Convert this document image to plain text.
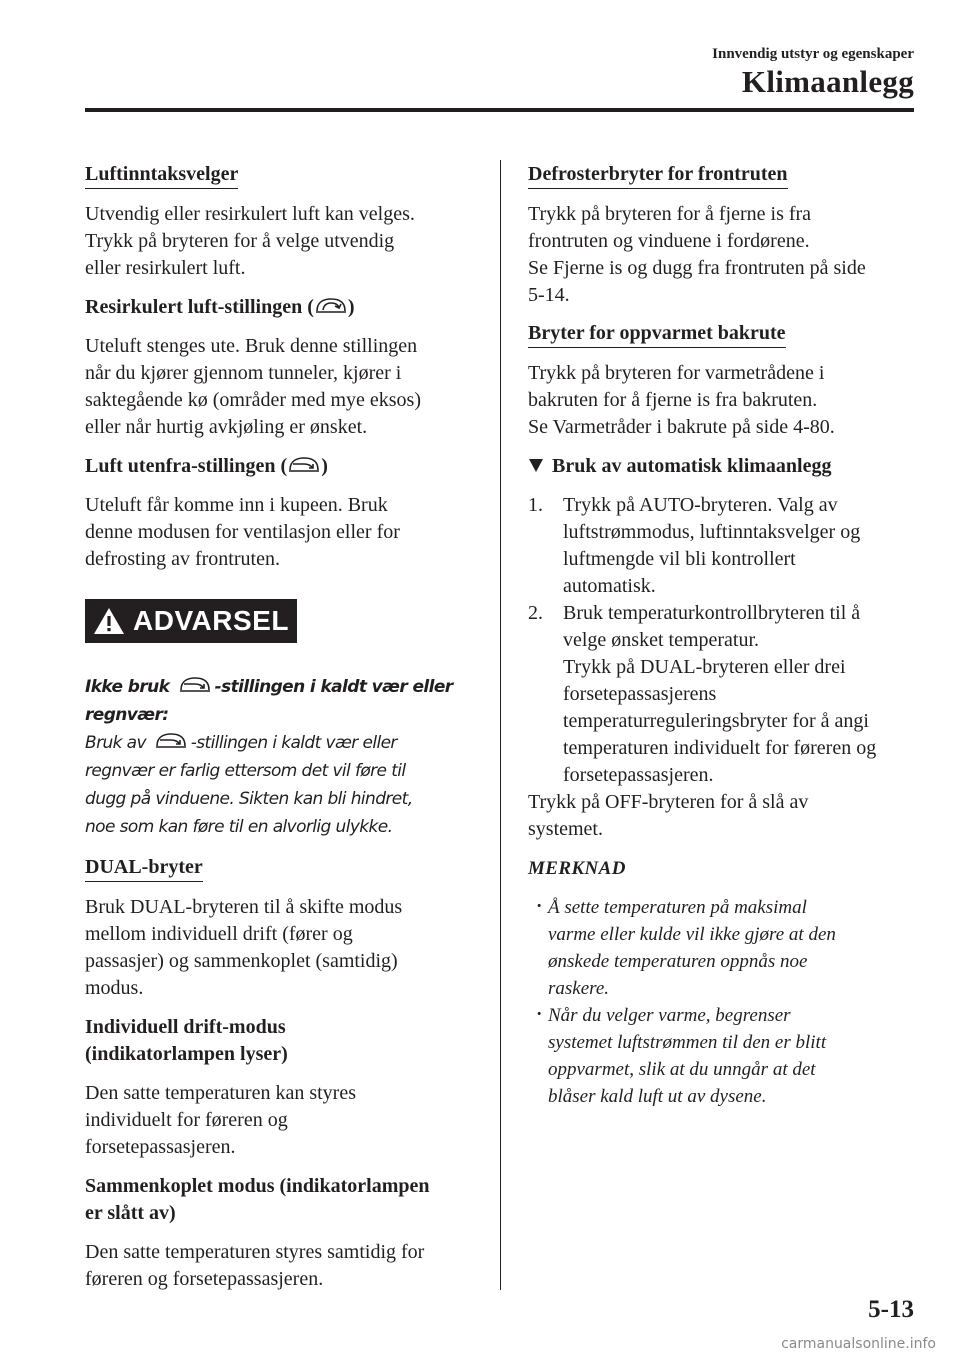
Innvendig utstyr og egenskaper
Klimaanlegg
Luftinntaksvelger

Utvendig eller resirkulert luft kan velges.
Trykk på bryteren for å velge utvendig
eller resirkulert luft.

Resirkulert luft-stillingen ( )

Uteluft stenges ute. Bruk denne stillingen
når du kjører gjennom tunneler, kjører i
saktegående kø (områder med mye eksos)
eller når hurtig avkjøling er ønsket.

Luft utenfra-stillingen ( )

Uteluft får komme inn i kupeen. Bruk
denne modusen for ventilasjon eller for
defrosting av frontruten.

ADVARSEL
Ikke bruk -stillingen i kaldt vær eller
regnvær:
Bruk av -stillingen i kaldt vær eller
regnvær er farlig ettersom det vil føre til
dugg på vinduene. Sikten kan bli hindret,
noe som kan føre til en alvorlig ulykke.
DUAL-bryter

Bruk DUAL-bryteren til å skifte modus
mellom individuell drift (fører og
passasjer) og sammenkoplet (samtidig)
modus.

Individuell drift-modus
(indikatorlampen lyser)

Den satte temperaturen kan styres
individuelt for føreren og
forsetepassasjeren.

Sammenkoplet modus (indikatorlampen
er slått av)

Den satte temperaturen styres samtidig for
føreren og forsetepassasjeren.

Defrosterbryter for frontruten

Trykk på bryteren for å fjerne is fra
frontruten og vinduene i fordørene.
Se Fjerne is og dugg fra frontruten på side
5-14.

Bryter for oppvarmet bakrute

Trykk på bryteren for varmetrådene i
bakruten for å fjerne is fra bakruten.
Se Varmetråder i bakrute på side 4-80.

Bruk av automatisk klimaanlegg
1. Trykk på AUTO-bryteren. Valg av
luftstrømmodus, luftinntaksvelger og
luftmengde vil bli kontrollert
automatisk.
2. Bruk temperaturkontrollbryteren til å
velge ønsket temperatur.
Trykk på DUAL-bryteren eller drei
forsetepassasjerens
temperaturreguleringsbryter for å angi
temperaturen individuelt for føreren og
forsetepassasjeren.

Trykk på OFF-bryteren for å slå av
systemet.

MERKNAD
· Å sette temperaturen på maksimal
varme eller kulde vil ikke gjøre at den
ønskede temperaturen oppnås noe
raskere.
· Når du velger varme, begrenser
systemet luftstrømmen til den er blitt
oppvarmet, slik at du unngår at det
blåser kald luft ut av dysene.
5-13
carmanualsonline.info
